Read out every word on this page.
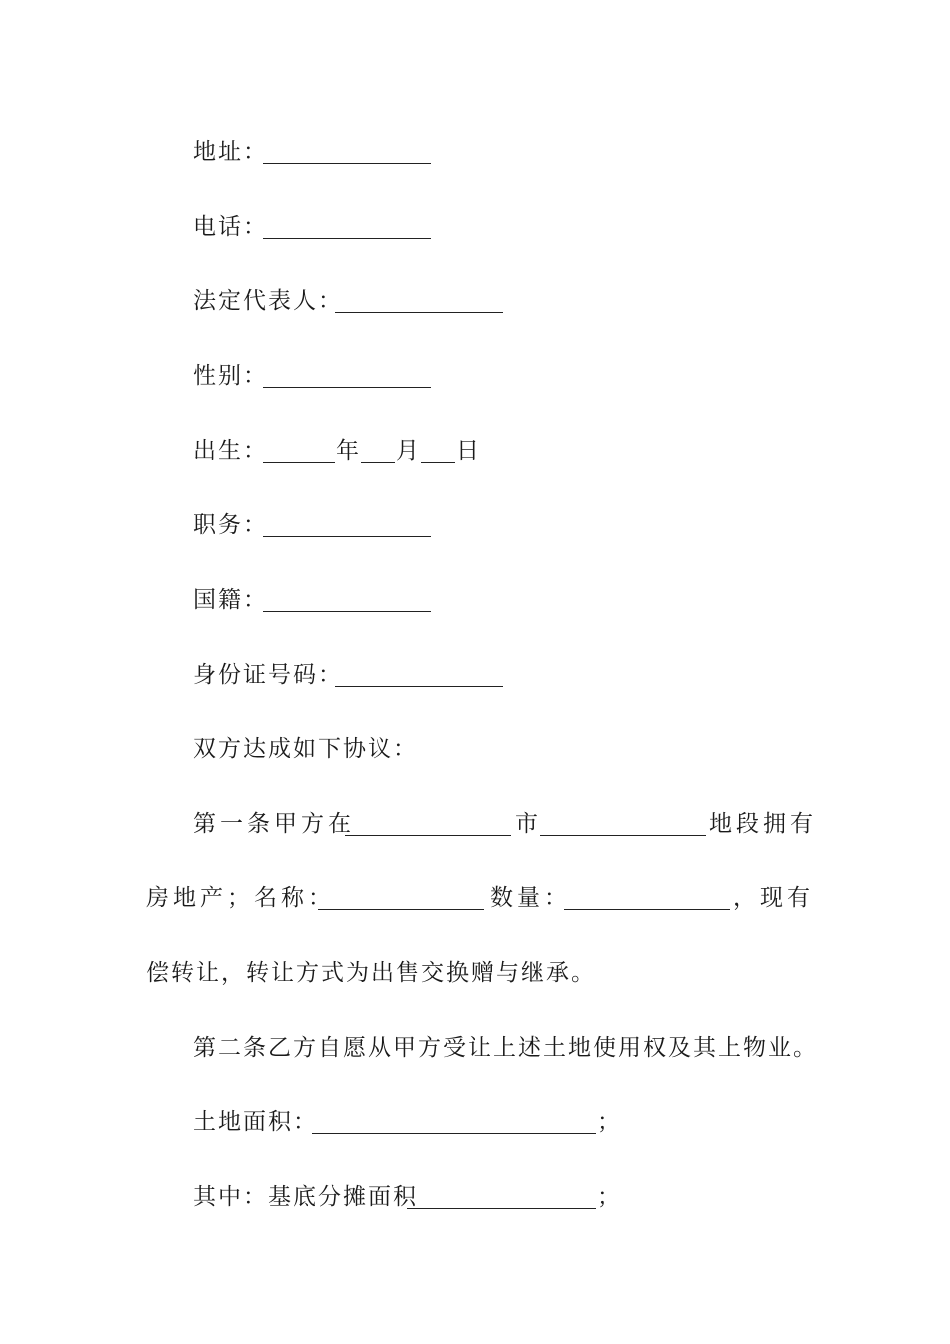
地址：
电话：
法定代表人：
性别：
出生：	年 月 日
职务：
国籍：
身份证号码：
双方达成如下协议：
第一条甲方在	市	地段拥有
房地产；名称：	数量：	，现有
偿转让，转让方式为出售交换赠与继承。
第二条乙方自愿从甲方受让上述土地使用权及其上物业。
土地面积：	；
其中：基底分摊面积	；
